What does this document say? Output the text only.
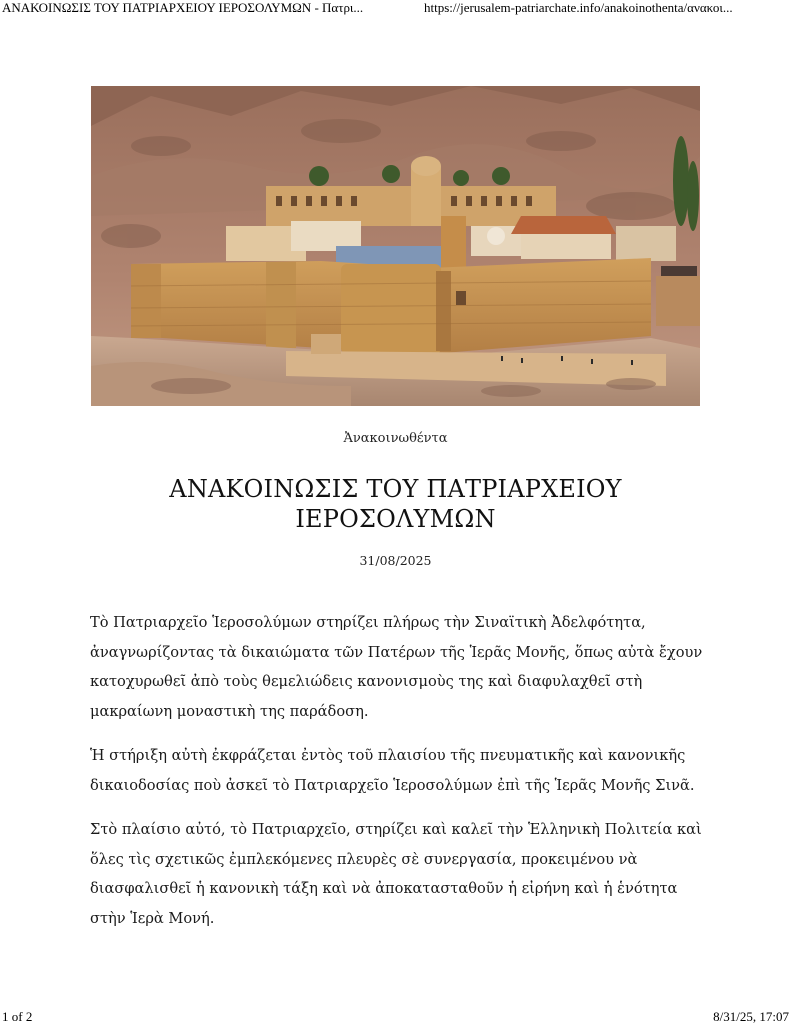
ΑΝΑΚΟΙΝΩΣΙΣ ΤΟΥ ΠΑΤΡΙΑΡΧΕΙΟΥ ΙΕΡΟΣΟΛΥΜΩΝ - Πατρι...	https://jerusalem-patriarchate.info/anakoinothenta/ανακοι...
Ἀνακοινωθέντα
ΑΝΑΚΟΙΝΩΣΙΣ ΤΟΥ ΠΑΤΡΙΑΡΧΕΙΟΥ ΙΕΡΟΣΟΛΥΜΩΝ
31/08/2025

Τὸ Πατριαρχεῖο Ἱεροσολύμων στηρίζει πλήρως τὴν Σιναϊτικὴ Ἀδελφότητα, ἀναγνωρίζοντας τὰ δικαιώματα τῶν Πατέρων τῆς Ἱερᾶς Μονῆς, ὅπως αὐτὰ ἔχουν κατοχυρωθεῖ ἀπὸ τοὺς θεμελιώδεις κανονισμοὺς της καὶ διαφυλαχθεῖ στὴ μακραίωνη μοναστικὴ της παράδοση.

Ἡ στήριξη αὐτὴ ἐκφράζεται ἐντὸς τοῦ πλαισίου τῆς πνευματικῆς καὶ κανονικῆς δικαιοδοσίας ποὺ ἀσκεῖ τὸ Πατριαρχεῖο Ἱεροσολύμων ἐπὶ τῆς Ἱερᾶς Μονῆς Σινᾶ.

Στὸ πλαίσιο αὐτό, τὸ Πατριαρχεῖο, στηρίζει καὶ καλεῖ τὴν Ἑλληνικὴ Πολιτεία καὶ ὅλες τὶς σχετικῶς ἐμπλεκόμενες πλευρὲς σὲ συνεργασία, προκειμένου νὰ διασφαλισθεῖ ἡ κανονικὴ τάξη καὶ νὰ ἀποκατασταθοῦν ἡ εἰρήνη καὶ ἡ ἑνότητα στὴν Ἱερὰ Μονή.

1 of 2	8/31/25, 17:07
